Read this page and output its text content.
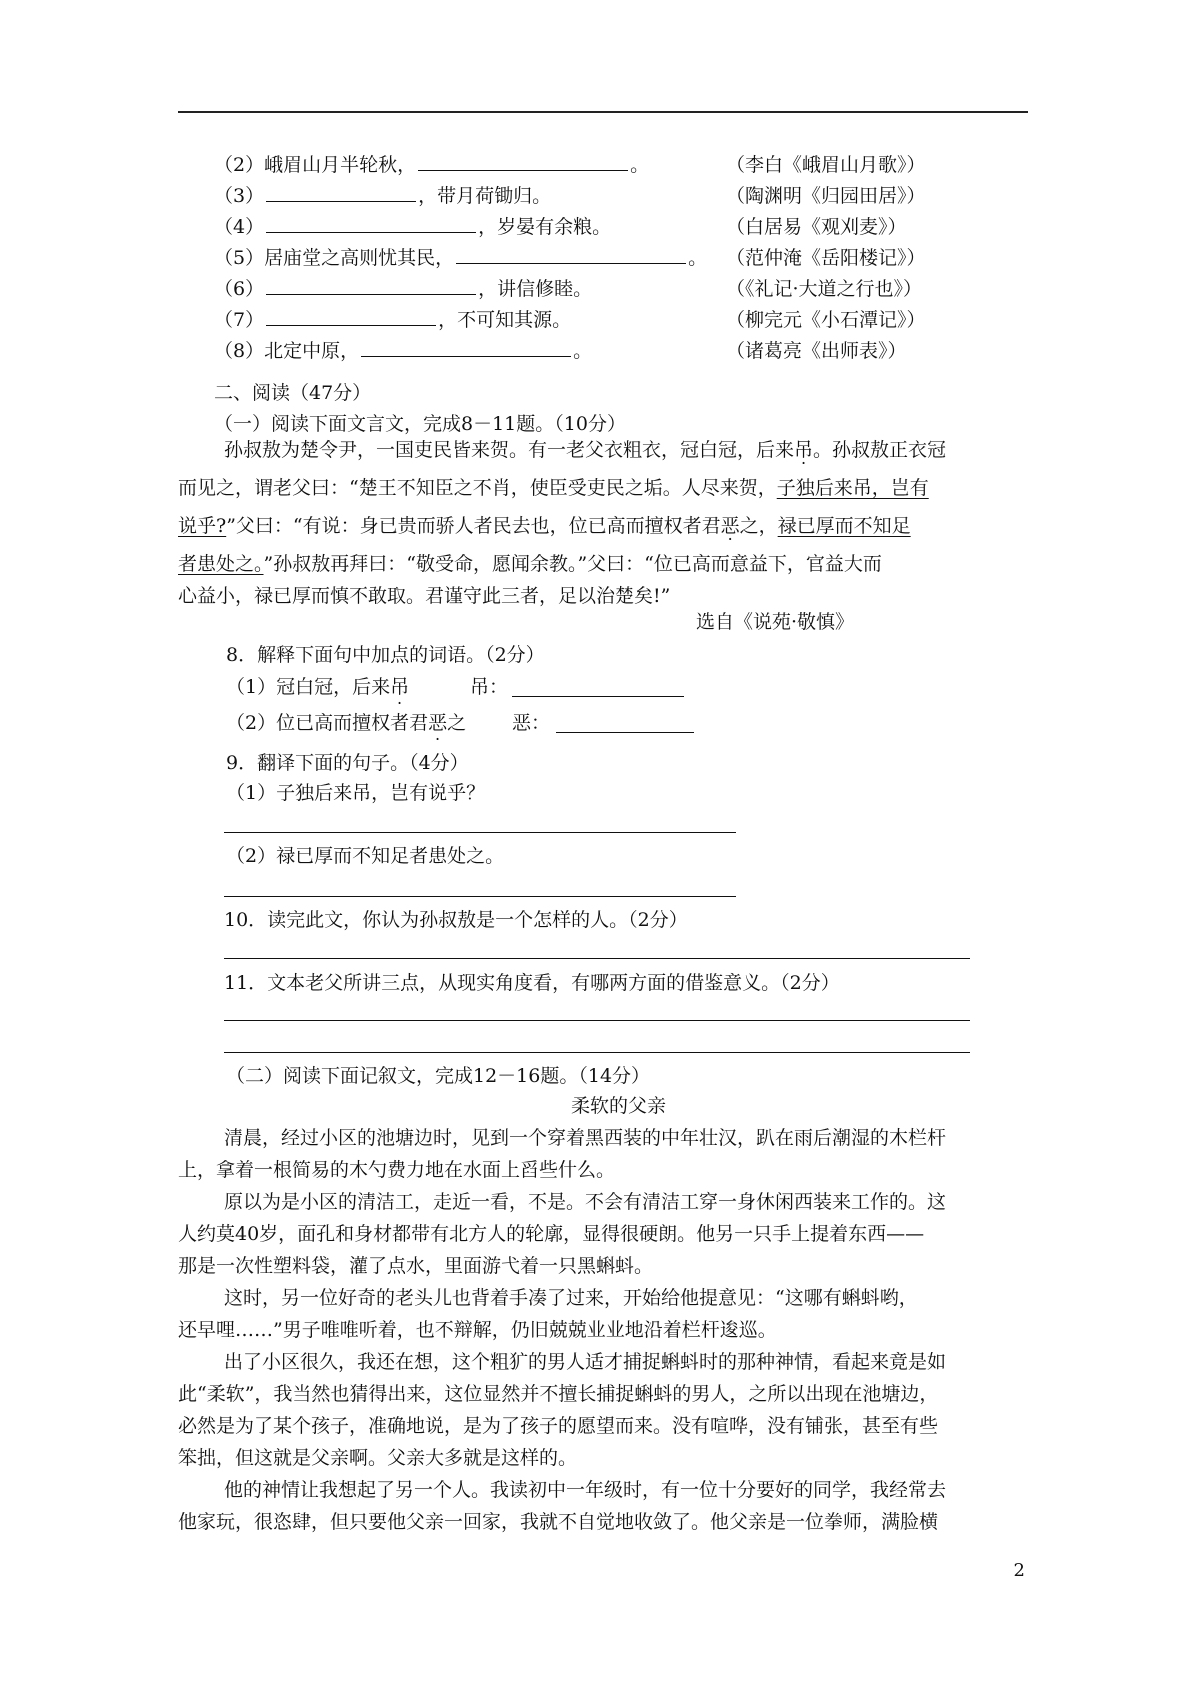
（2）峨眉山月半轮秋，	。	（李白《峨眉山月歌》）
（3）	，带月荷锄归。	（陶渊明《归园田居》）
（4）	，岁晏有余粮。	（白居易《观刈麦》）
（5）居庙堂之高则忧其民，	。 （范仲淹《岳阳楼记》）
（6）	，讲信修睦。	（《礼记·大道之行也》）
（7）	，不可知其源。	（柳完元《小石潭记》）
（8）北定中原，	。	（诸葛亮《出师表》）
二、阅读（47分）
（一）阅读下面文言文，完成8－11题。（10分）
孙叔敖为楚令尹，一国吏民皆来贺。有一老父衣粗衣，冠白冠，后来吊。孙叔敖正衣冠
而见之，谓老父曰：“楚王不知臣之不肖，使臣受吏民之垢。人尽来贺，子独后来吊，岂有
说乎?”父曰：“有说：身已贵而骄人者民去也，位已高而擅权者君恶之，禄已厚而不知足
者患处之。”孙叔敖再拜曰：“敬受命，愿闻余教。”父曰：“位已高而意益下，官益大而
心益小，禄已厚而慎不敢取。君谨守此三者，足以治楚矣!”
选自《说苑·敬慎》
8．解释下面句中加点的词语。（2分）
（1）冠白冠，后来吊	吊：
（2）位已高而擅权者君恶之 恶：
9．翻译下面的句子。（4分）
（1）子独后来吊，岂有说乎？
（2）禄已厚而不知足者患处之。
10．读完此文，你认为孙叔敖是一个怎样的人。（2分）
11．文本老父所讲三点，从现实角度看，有哪两方面的借鉴意义。（2分）
（二）阅读下面记叙文，完成12－16题。（14分）
柔软的父亲
清晨，经过小区的池塘边时，见到一个穿着黑西装的中年壮汉，趴在雨后潮湿的木栏杆
上，拿着一根简易的木勺费力地在水面上舀些什么。
原以为是小区的清洁工，走近一看，不是。不会有清洁工穿一身休闲西装来工作的。这
人约莫40岁，面孔和身材都带有北方人的轮廓，显得很硬朗。他另一只手上提着东西——
那是一次性塑料袋，灌了点水，里面游弋着一只黑蝌蚪。
这时，另一位好奇的老头儿也背着手凑了过来，开始给他提意见：“这哪有蝌蚪哟，
还早哩……”男子唯唯听着，也不辩解，仍旧兢兢业业地沿着栏杆逡巡。
出了小区很久，我还在想，这个粗犷的男人适才捕捉蝌蚪时的那种神情，看起来竟是如
此“柔软”，我当然也猜得出来，这位显然并不擅长捕捉蝌蚪的男人，之所以出现在池塘边，
必然是为了某个孩子，准确地说，是为了孩子的愿望而来。没有喧哗，没有铺张，甚至有些
笨拙，但这就是父亲啊。父亲大多就是这样的。
他的神情让我想起了另一个人。我读初中一年级时，有一位十分要好的同学，我经常去
他家玩，很恣肆，但只要他父亲一回家，我就不自觉地收敛了。他父亲是一位拳师，满脸横
2
